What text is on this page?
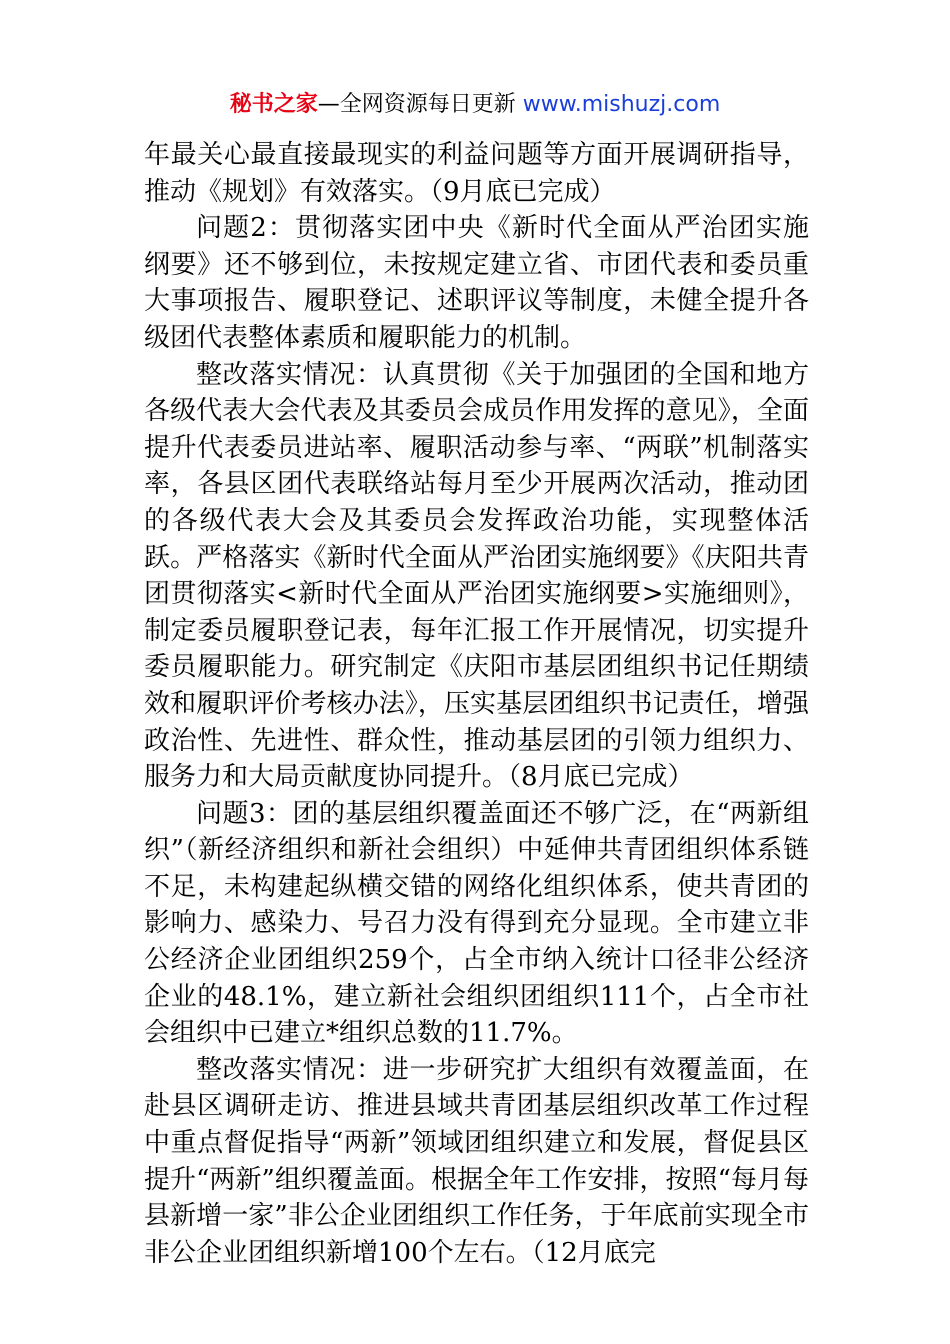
秘书之家—全网资源每日更新 www.mishuzj.com

年最关心最直接最现实的利益问题等方面开展调研指导，推动《规划》有效落实。（9月底已完成）

问题2：贯彻落实团中央《新时代全面从严治团实施纲要》还不够到位，未按规定建立省、市团代表和委员重大事项报告、履职登记、述职评议等制度，未健全提升各级团代表整体素质和履职能力的机制。

整改落实情况：认真贯彻《关于加强团的全国和地方各级代表大会代表及其委员会成员作用发挥的意见》，全面提升代表委员进站率、履职活动参与率、“两联”机制落实率，各县区团代表联络站每月至少开展两次活动，推动团的各级代表大会及其委员会发挥政治功能，实现整体活跃。严格落实《新时代全面从严治团实施纲要》《庆阳共青团贯彻落实<新时代全面从严治团实施纲要>实施细则》，制定委员履职登记表，每年汇报工作开展情况，切实提升委员履职能力。研究制定《庆阳市基层团组织书记任期绩效和履职评价考核办法》，压实基层团组织书记责任，增强政治性、先进性、群众性，推动基层团的引领力组织力、服务力和大局贡献度协同提升。（8月底已完成）

问题3：团的基层组织覆盖面还不够广泛，在“两新组织”（新经济组织和新社会组织）中延伸共青团组织体系链不足，未构建起纵横交错的网络化组织体系，使共青团的影响力、感染力、号召力没有得到充分显现。全市建立非公经济企业团组织259个，占全市纳入统计口径非公经济企业的48.1%，建立新社会组织团组织111个，占全市社会组织中已建立*组织总数的11.7%。

整改落实情况：进一步研究扩大组织有效覆盖面，在赴县区调研走访、推进县域共青团基层组织改革工作过程中重点督促指导“两新”领域团组织建立和发展，督促县区提升“两新”组织覆盖面。根据全年工作安排，按照“每月每县新增一家”非公企业团组织工作任务，于年底前实现全市非公企业团组织新增100个左右。（12月底完
